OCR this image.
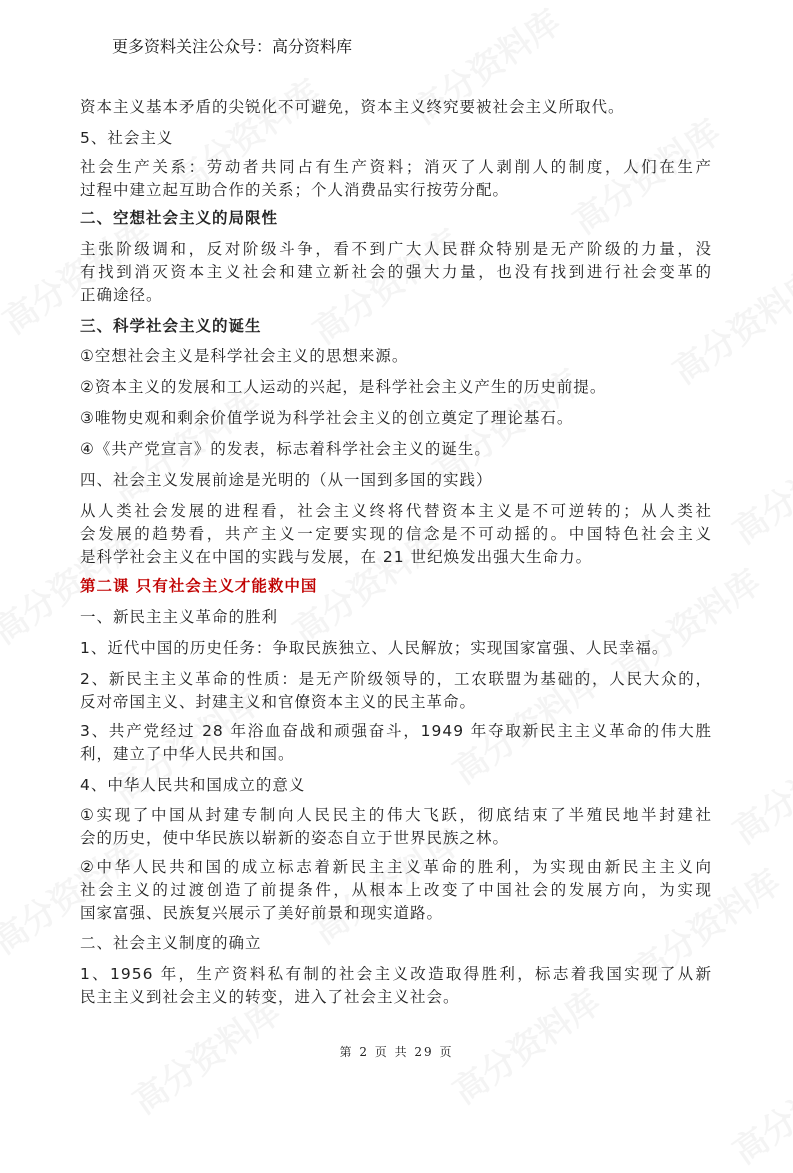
更多资料关注公众号：高分资料库
资本主义基本矛盾的尖锐化不可避免，资本主义终究要被社会主义所取代。
5、社会主义
社会生产关系：劳动者共同占有生产资料；消灭了人剥削人的制度，人们在生产
过程中建立起互助合作的关系；个人消费品实行按劳分配。
二、空想社会主义的局限性
主张阶级调和，反对阶级斗争，看不到广大人民群众特别是无产阶级的力量，没
有找到消灭资本主义社会和建立新社会的强大力量，也没有找到进行社会变革的
正确途径。
三、科学社会主义的诞生
①空想社会主义是科学社会主义的思想来源。
②资本主义的发展和工人运动的兴起，是科学社会主义产生的历史前提。
③唯物史观和剩余价值学说为科学社会主义的创立奠定了理论基石。
④《共产党宣言》的发表，标志着科学社会主义的诞生。
四、社会主义发展前途是光明的（从一国到多国的实践）
从人类社会发展的进程看，社会主义终将代替资本主义是不可逆转的；从人类社
会发展的趋势看，共产主义一定要实现的信念是不可动摇的。中国特色社会主义
是科学社会主义在中国的实践与发展，在 21 世纪焕发出强大生命力。
第二课 只有社会主义才能救中国
一、新民主主义革命的胜利
1、近代中国的历史任务：争取民族独立、人民解放；实现国家富强、人民幸福。
2、新民主主义革命的性质：是无产阶级领导的，工农联盟为基础的，人民大众的，
反对帝国主义、封建主义和官僚资本主义的民主革命。
3、共产党经过 28 年浴血奋战和顽强奋斗，1949 年夺取新民主主义革命的伟大胜
利，建立了中华人民共和国。
4、中华人民共和国成立的意义
①实现了中国从封建专制向人民民主的伟大飞跃，彻底结束了半殖民地半封建社
会的历史，使中华民族以崭新的姿态自立于世界民族之林。
②中华人民共和国的成立标志着新民主主义革命的胜利，为实现由新民主主义向
社会主义的过渡创造了前提条件，从根本上改变了中国社会的发展方向，为实现
国家富强、民族复兴展示了美好前景和现实道路。
二、社会主义制度的确立
1、1956 年，生产资料私有制的社会主义改造取得胜利，标志着我国实现了从新
民主主义到社会主义的转变，进入了社会主义社会。
第 2 页 共 29 页
